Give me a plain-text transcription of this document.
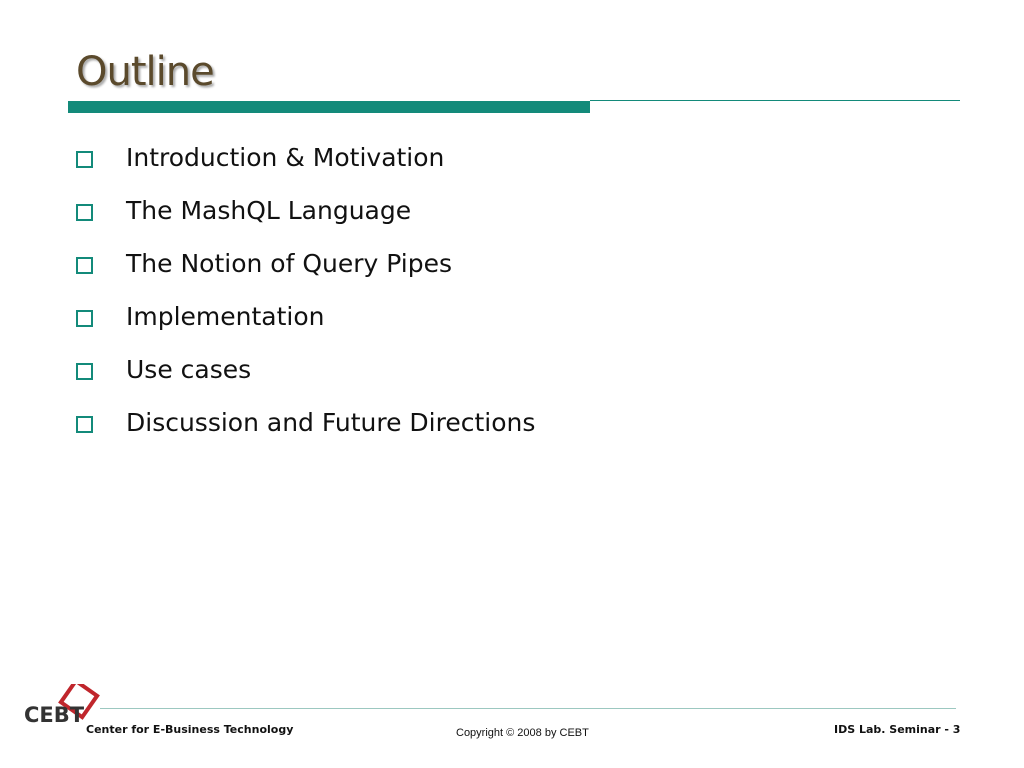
Outline
Introduction & Motivation
The MashQL Language
The Notion of Query Pipes
Implementation
Use cases
Discussion and Future Directions
CEBT
Center for E-Business Technology	Copyright © 2008 by CEBT	IDS Lab. Seminar - 3
